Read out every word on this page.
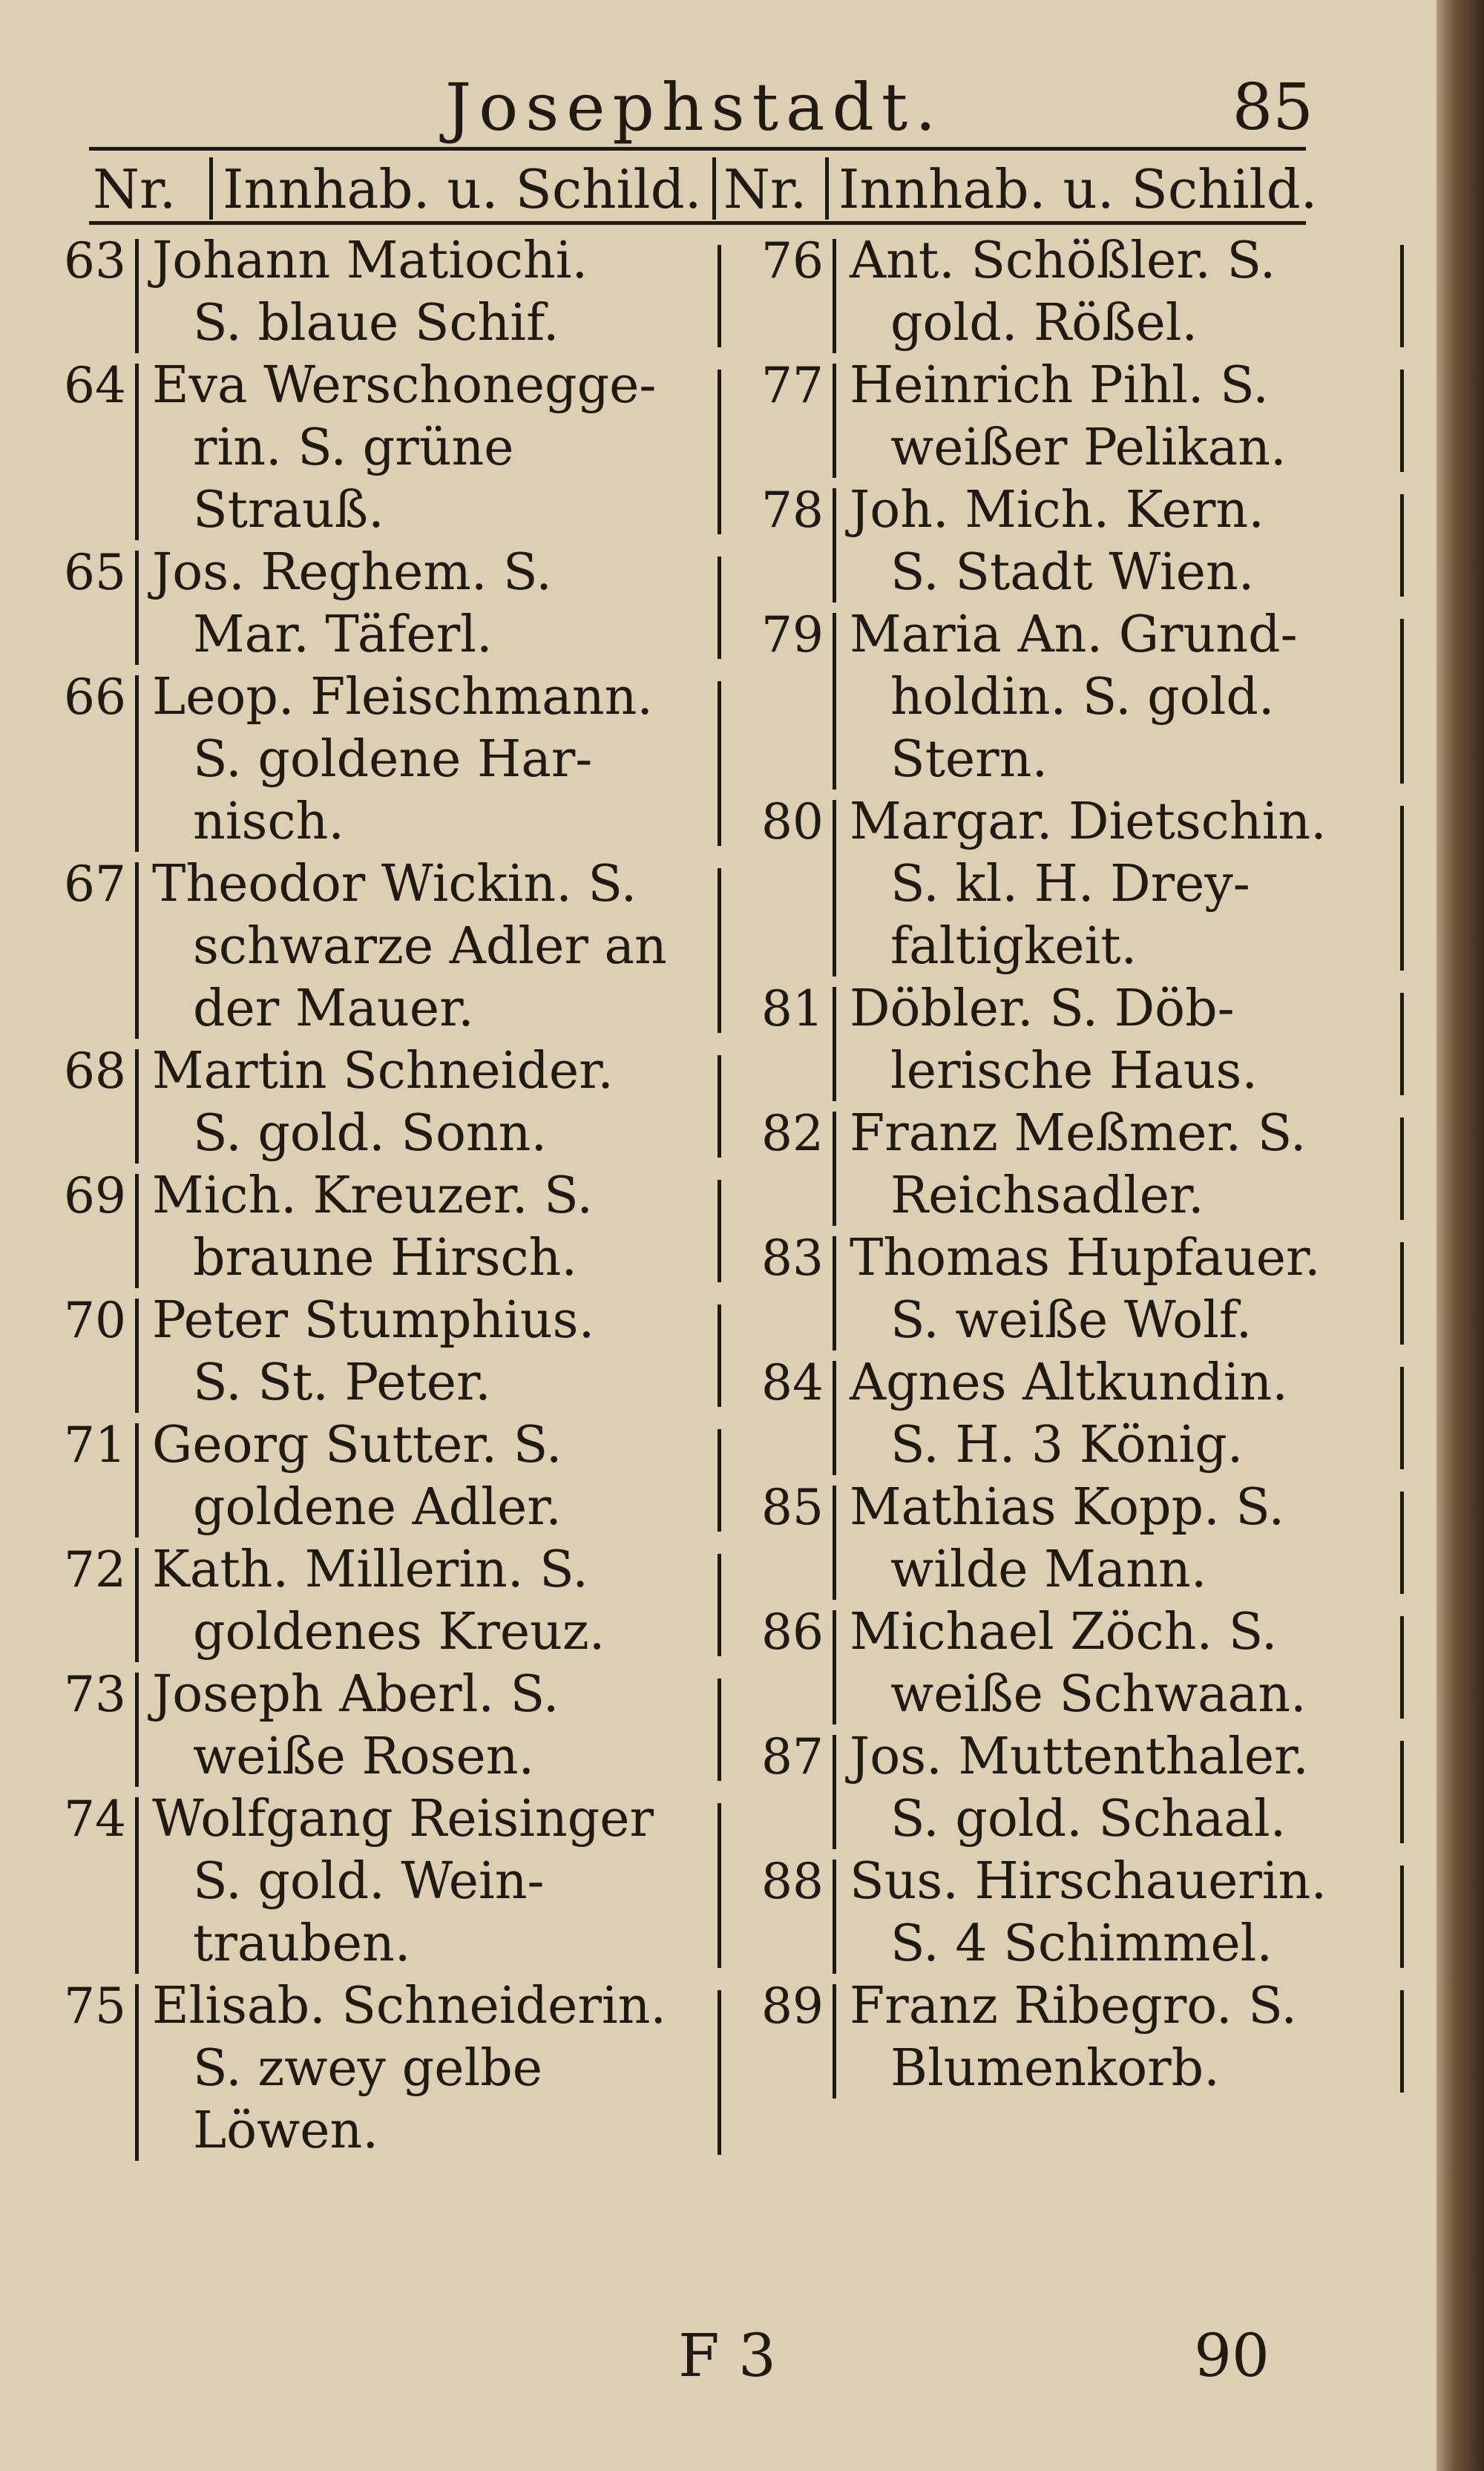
Josephstadt.	85
Nr. Innhab. u. Schild. Nr. Innhab. u. Schild.
63 Johann Matiochi.
S. blaue Schif.
64 Eva Werschonegge-
rin. S. grüne
Strauß.
65 Jos. Reghem. S.
Mar. Täferl.
66 Leop. Fleischmann.
S. goldene Har-
nisch.
67 Theodor Wickin. S.
schwarze Adler an
der Mauer.
68 Martin Schneider.
S. gold. Sonn.
69 Mich. Kreuzer. S.
braune Hirsch.
70 Peter Stumphius.
S. St. Peter.
71 Georg Sutter. S.
goldene Adler.
72 Kath. Millerin. S.
goldenes Kreuz.
73 Joseph Aberl. S.
weiße Rosen.
74 Wolfgang Reisinger
S. gold. Wein-
trauben.
75 Elisab. Schneiderin.
S. zwey gelbe
Löwen.
76 Ant. Schößler. S.
gold. Rößel.
77 Heinrich Pihl. S.
weißer Pelikan.
78 Joh. Mich. Kern.
S. Stadt Wien.
79 Maria An. Grund-
holdin. S. gold.
Stern.
80 Margar. Dietschin.
S. kl. H. Drey-
faltigkeit.
81 Döbler. S. Döb-
lerische Haus.
82 Franz Meßmer. S.
Reichsadler.
83 Thomas Hupfauer.
S. weiße Wolf.
84 Agnes Altkundin.
S. H. 3 König.
85 Mathias Kopp. S.
wilde Mann.
86 Michael Zöch. S.
weiße Schwaan.
87 Jos. Muttenthaler.
S. gold. Schaal.
88 Sus. Hirschauerin.
S. 4 Schimmel.
89 Franz Ribegro. S.
Blumenkorb.
F 3	90
